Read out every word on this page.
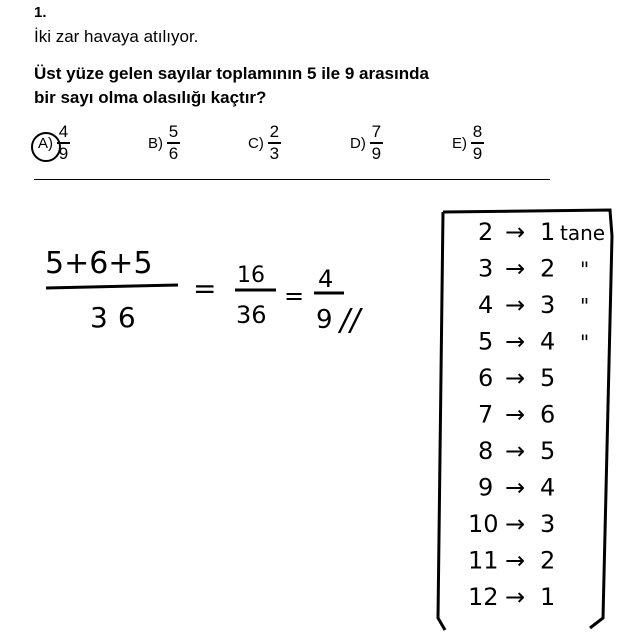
1.
İki zar havaya atılıyor.
Üst yüze gelen sayılar toplamının 5 ile 9 arasında
bir sayı olma olasılığı kaçtır?
$A) \frac{4}{9}$	$B) \frac{5}{6}$	$C) \frac{2}{3}$	$D) \frac{7}{9}$	$E) \frac{8}{9}$
5+6+5
36
= 16
36
=
4
9 //
2 → 1 tane
3 → 2 "
4 → 3 "
5 → 4 "
6 → 5
7 → 6
8 → 5
9 → 4
10 → 3
11 → 2
12 → 1
